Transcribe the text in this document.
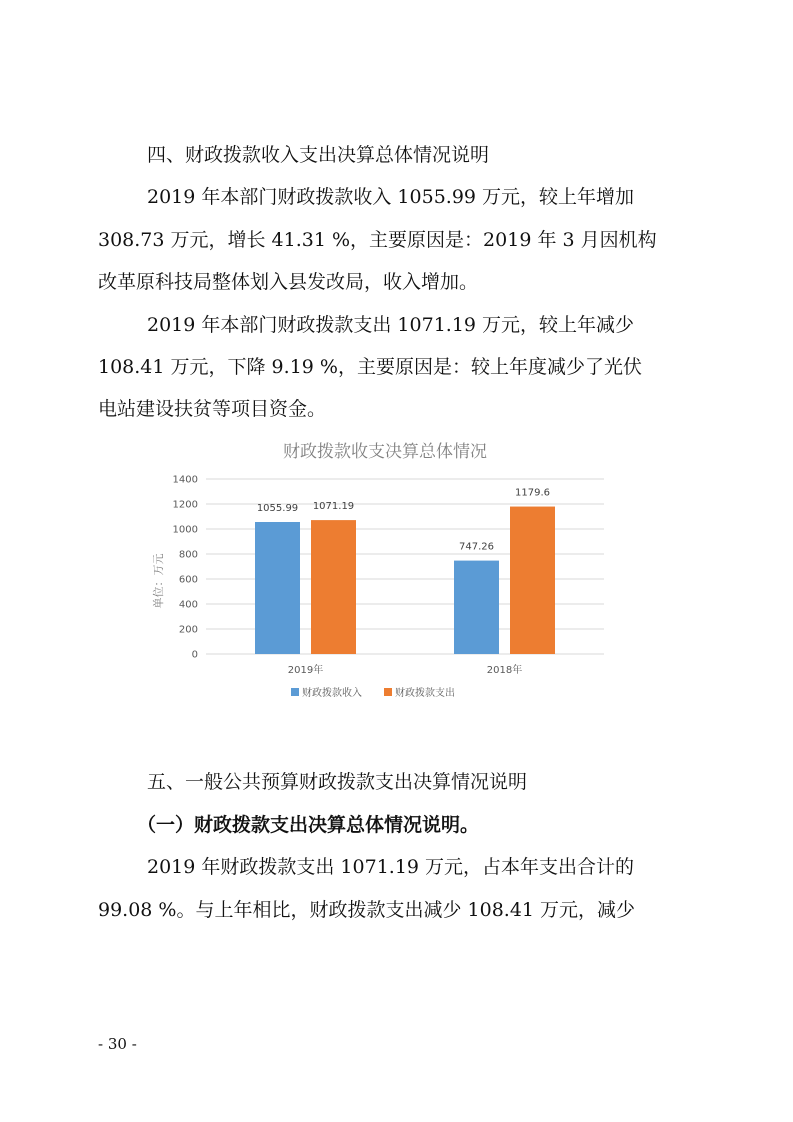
四、财政拨款收入支出决算总体情况说明
2019 年本部门财政拨款收入 1055.99 万元，较上年增加
308.73 万元，增长 41.31 %，主要原因是：2019 年 3 月因机构
改革原科技局整体划入县发改局，收入增加。
2019 年本部门财政拨款支出 1071.19 万元，较上年减少
108.41 万元，下降 9.19 %，主要原因是：较上年度减少了光伏
电站建设扶贫等项目资金。
财政拨款收支决算总体情况
0
200
400
600
800
1000
1200
1400
1055.99 1071.19
747.26
1179.6
2019年	2018年
单位：万元
财政拨款收入	财政拨款支出
五、一般公共预算财政拨款支出决算情况说明
（一）财政拨款支出决算总体情况说明。
2019 年财政拨款支出 1071.19 万元，占本年支出合计的
99.08 %。与上年相比，财政拨款支出减少 108.41 万元，减少
- 30 -
